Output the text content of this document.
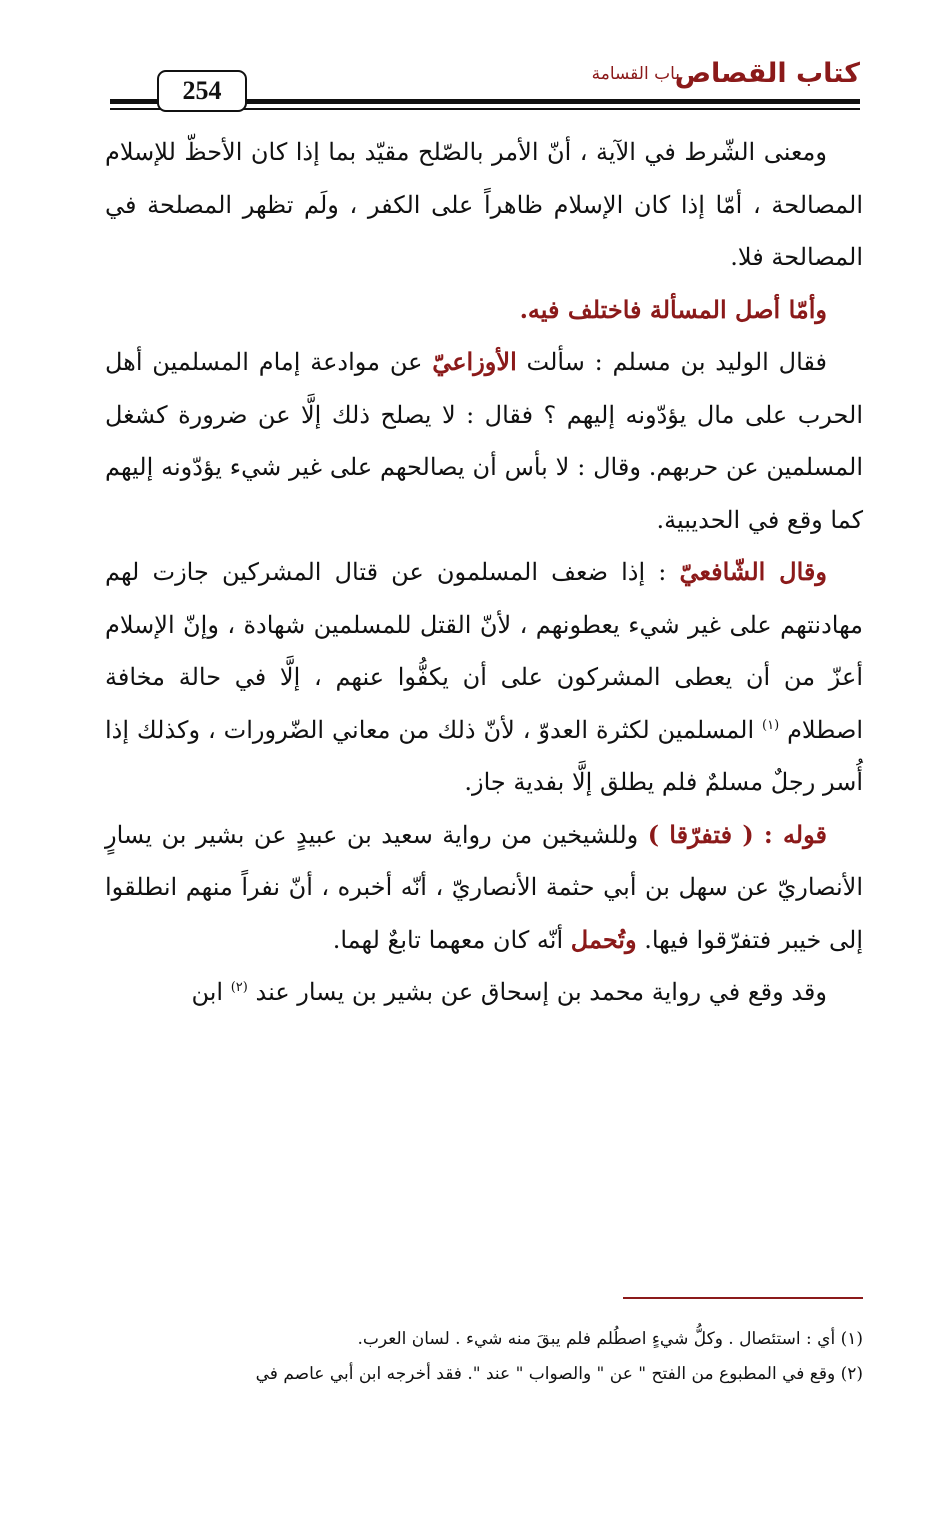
كتاب القصاص
باب القسامة
254

ومعنى الشّرط في الآية ، أنّ الأمر بالصّلح مقيّد بما إذا كان الأحظّ للإسلام المصالحة ، أمّا إذا كان الإسلام ظاهراً على الكفر ، ولَم تظهر المصلحة في المصالحة فلا.

وأمّا أصل المسألة فاختلف فيه.

فقال الوليد بن مسلم : سألت الأوزاعيّ عن موادعة إمام المسلمين أهل الحرب على مال يؤدّونه إليهم ؟ فقال : لا يصلح ذلك إلَّا عن ضرورة كشغل المسلمين عن حربهم. وقال : لا بأس أن يصالحهم على غير شيء يؤدّونه إليهم كما وقع في الحديبية.

وقال الشّافعيّ : إذا ضعف المسلمون عن قتال المشركين جازت لهم مهادنتهم على غير شيء يعطونهم ، لأنّ القتل للمسلمين شهادة ، وإنّ الإسلام أعزّ من أن يعطى المشركون على أن يكفُّوا عنهم ، إلَّا في حالة مخافة اصطلام $^{(١)}$ المسلمين لكثرة العدوّ ، لأنّ ذلك من معاني الضّرورات ، وكذلك إذا أُسر رجلٌ مسلمٌ فلم يطلق إلَّا بفدية جاز.

قوله : ( فتفرّقا ) وللشيخين من رواية سعيد بن عبيدٍ عن بشير بن يسارٍ الأنصاريّ عن سهل بن أبي حثمة الأنصاريّ ، أنّه أخبره ، أنّ نفراً منهم انطلقوا إلى خيبر فتفرّقوا فيها. وتُحمل أنّه كان معهما تابعٌ لهما.

وقد وقع في رواية محمد بن إسحاق عن بشير بن يسار عند $^{(٢)}$ ابن

(١) أي : استئصال . وكلُّ شيءٍ اصطُلم فلم يبقَ منه شيء . لسان العرب.

(٢) وقع في المطبوع من الفتح " عن " والصواب " عند ". فقد أخرجه ابن أبي عاصم في
